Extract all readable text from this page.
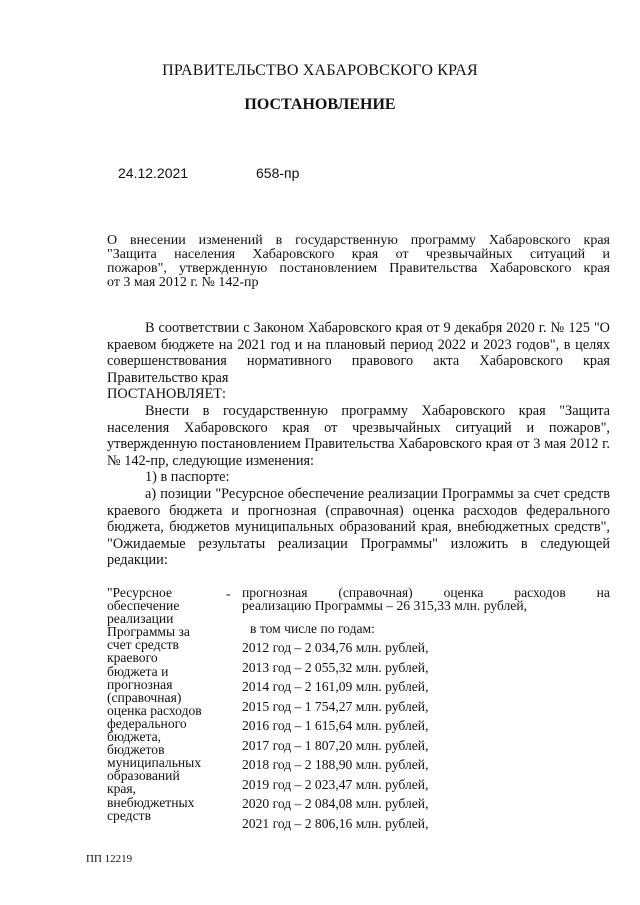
ПРАВИТЕЛЬСТВО ХАБАРОВСКОГО КРАЯ
ПОСТАНОВЛЕНИЕ
24.12.2021	658-пр
О внесении изменений в государственную программу Хабаровского края
"Защита населения Хабаровского края от чрезвычайных ситуаций и
пожаров", утвержденную постановлением Правительства Хабаровского края
от 3 мая 2012 г. № 142-пр

В соответствии с Законом Хабаровского края от 9 декабря 2020 г. № 125 "О краевом бюджете на 2021 год и на плановый период 2022 и 2023 годов", в целях совершенствования нормативного правового акта Хабаровского края Правительство края

ПОСТАНОВЛЯЕТ:

Внести в государственную программу Хабаровского края "Защита населения Хабаровского края от чрезвычайных ситуаций и пожаров", утвержденную постановлением Правительства Хабаровского края от 3 мая 2012 г. № 142-пр, следующие изменения:

1) в паспорте:

а) позиции "Ресурсное обеспечение реализации Программы за счет средств краевого бюджета и прогнозная (справочная) оценка расходов федерального бюджета, бюджетов муниципальных образований края, внебюджетных средств", "Ожидаемые результаты реализации Программы" изложить в следующей редакции:

"Ресурсное
обеспечение
реализации
Программы за
счет средств
краевого
бюджета и
прогнозная
(справочная)
оценка расходов
федерального
бюджета,
бюджетов
муниципальных
образований
края,
внебюджетных
средств
- прогнозная (справочная) оценка расходов на
реализацию Программы – 26 315,33 млн. рублей,
в том числе по годам:
2012 год – 2 034,76 млн. рублей,
2013 год – 2 055,32 млн. рублей,
2014 год – 2 161,09 млн. рублей,
2015 год – 1 754,27 млн. рублей,
2016 год – 1 615,64 млн. рублей,
2017 год – 1 807,20 млн. рублей,
2018 год – 2 188,90 млн. рублей,
2019 год – 2 023,47 млн. рублей,
2020 год – 2 084,08 млн. рублей,
2021 год – 2 806,16 млн. рублей,
ПП 12219
